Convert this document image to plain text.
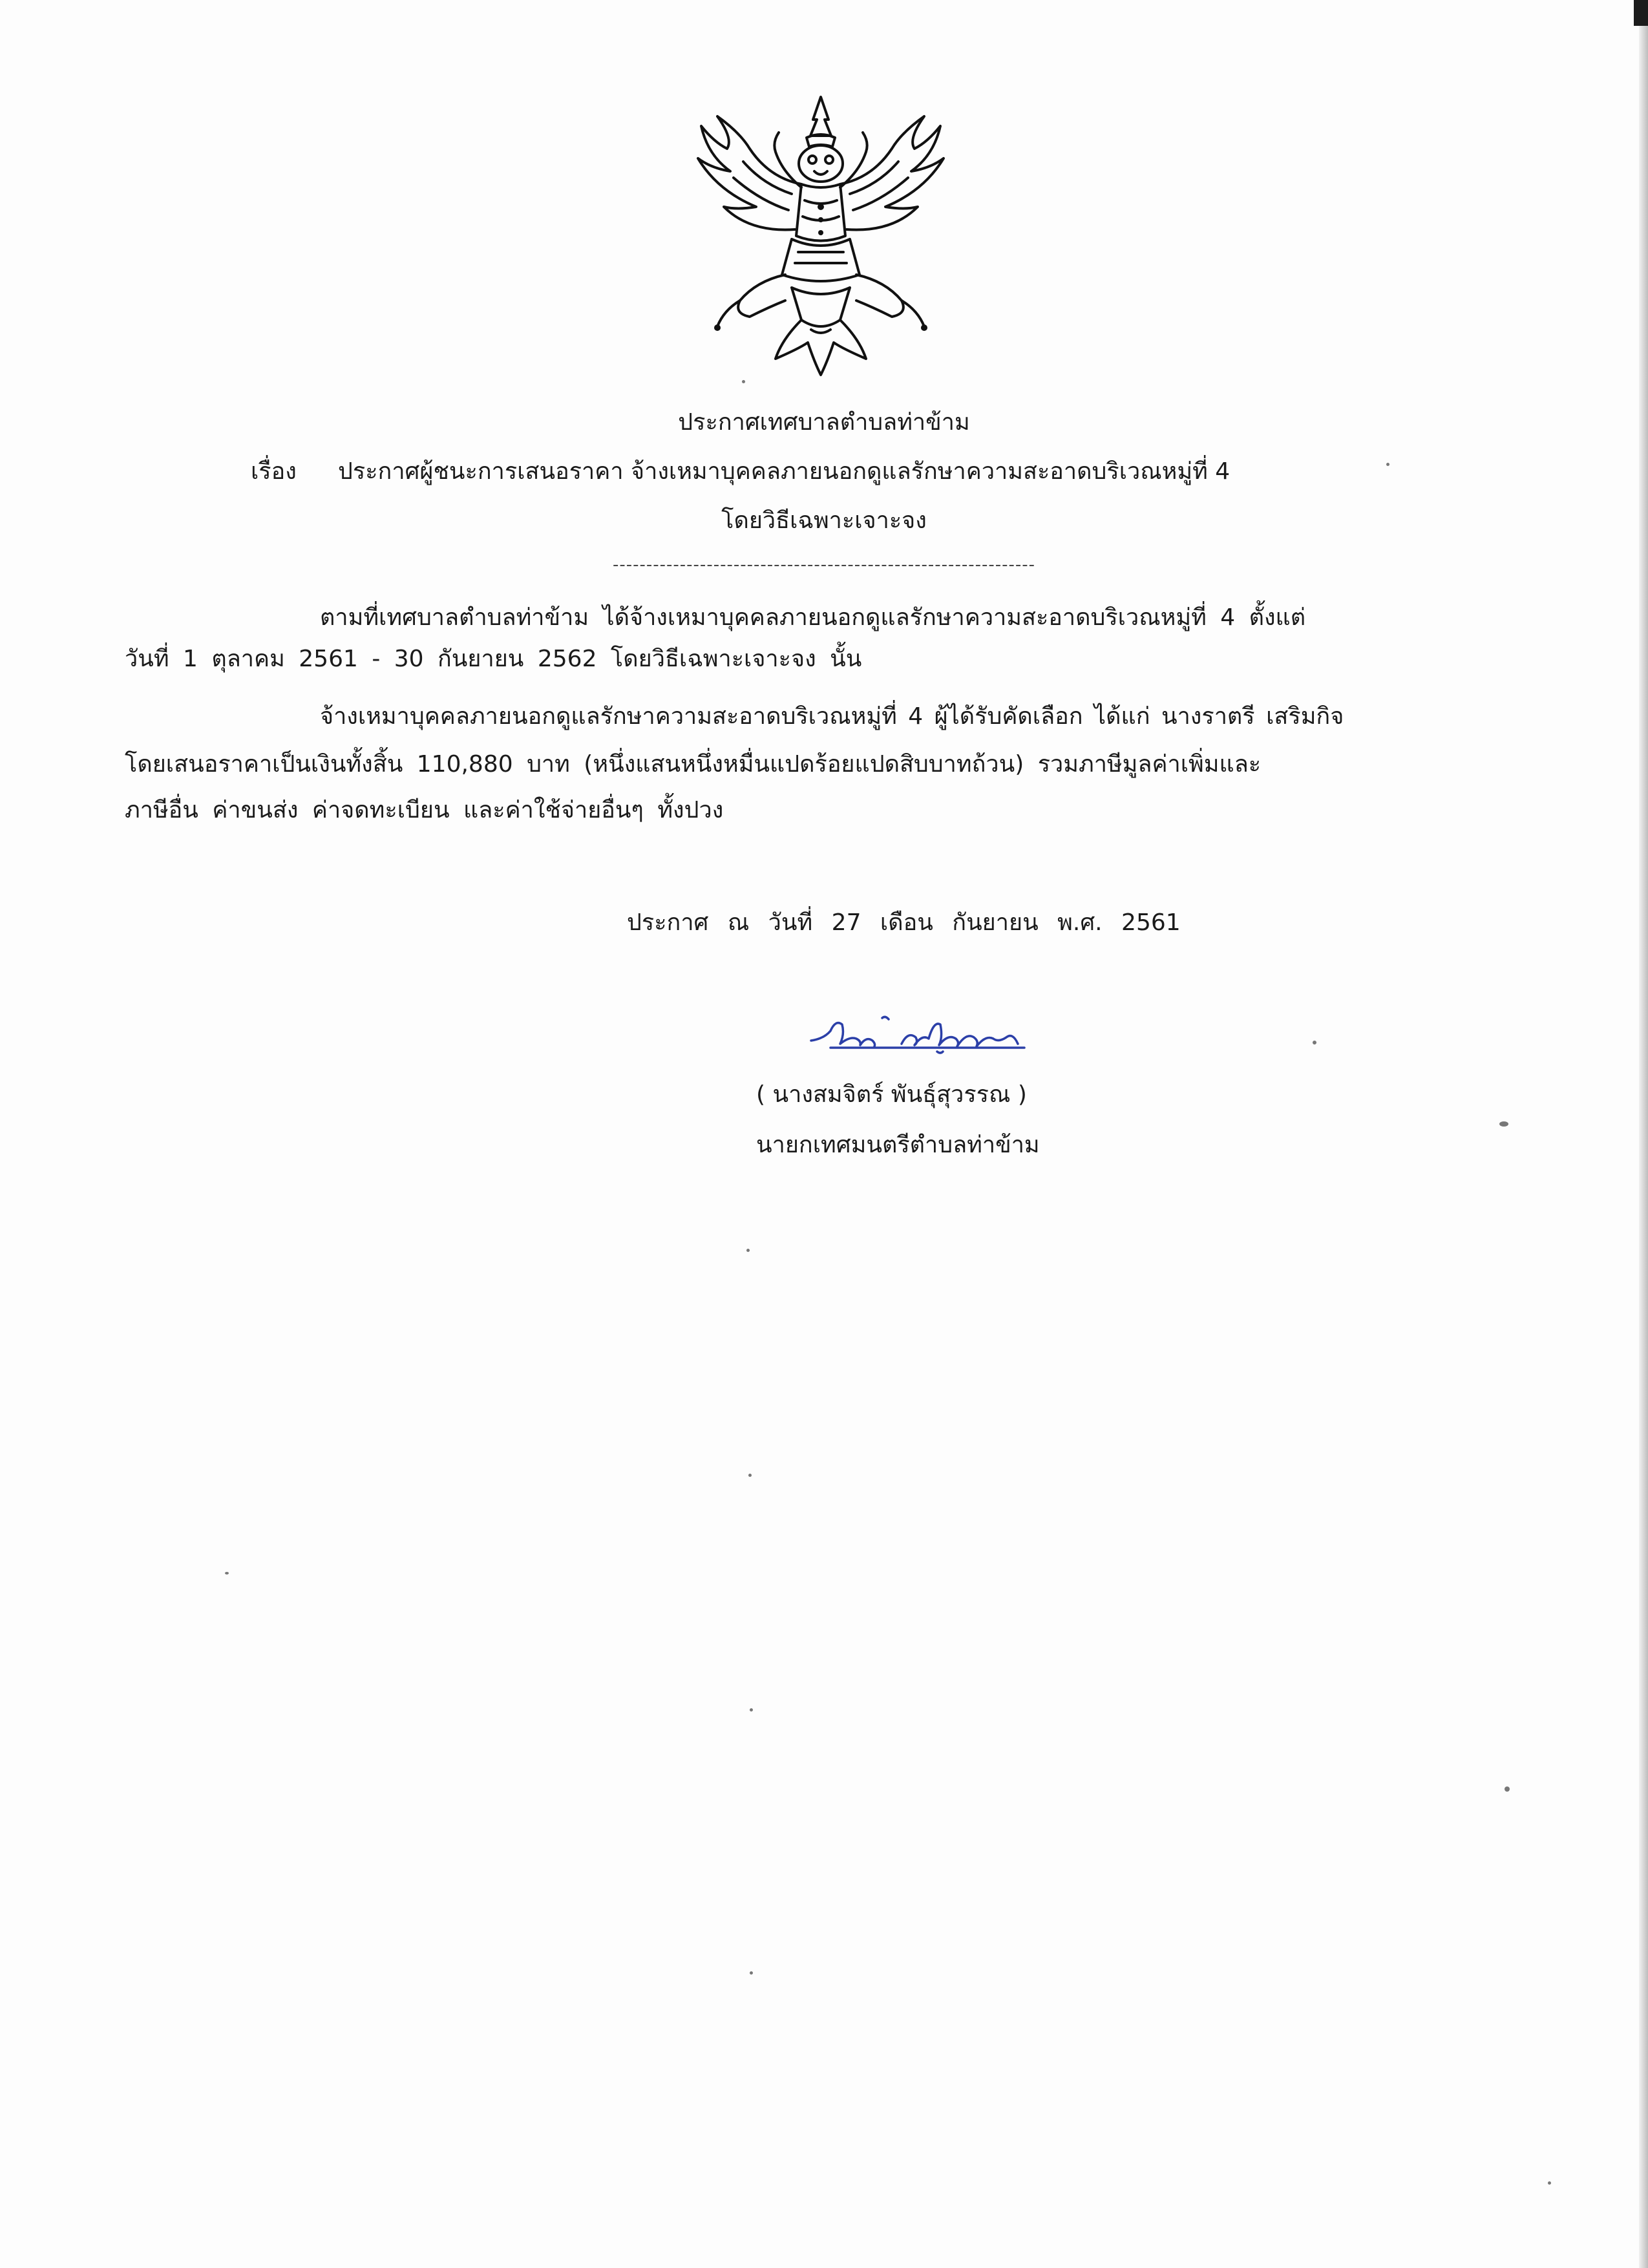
ประกาศเทศบาลตำบลท่าข้าม
เรื่อง ประกาศผู้ชนะการเสนอราคา จ้างเหมาบุคคลภายนอกดูแลรักษาความสะอาดบริเวณหมู่ที่ 4
โดยวิธีเฉพาะเจาะจง
---------------------------------------------------------------
ตามที่เทศบาลตำบลท่าข้าม ได้จ้างเหมาบุคคลภายนอกดูแลรักษาความสะอาดบริเวณหมู่ที่ 4 ตั้งแต่
วันที่ 1 ตุลาคม 2561 - 30 กันยายน 2562 โดยวิธีเฉพาะเจาะจง นั้น
จ้างเหมาบุคคลภายนอกดูแลรักษาความสะอาดบริเวณหมู่ที่ 4 ผู้ได้รับคัดเลือก ได้แก่ นางราตรี เสริมกิจ
โดยเสนอราคาเป็นเงินทั้งสิ้น 110,880 บาท (หนึ่งแสนหนึ่งหมื่นแปดร้อยแปดสิบบาทถ้วน) รวมภาษีมูลค่าเพิ่มและ
ภาษีอื่น ค่าขนส่ง ค่าจดทะเบียน และค่าใช้จ่ายอื่นๆ ทั้งปวง
ประกาศ ณ วันที่ 27 เดือน กันยายน พ.ศ. 2561
( นางสมจิตร์ พันธุ์สุวรรณ )
นายกเทศมนตรีตำบลท่าข้าม
